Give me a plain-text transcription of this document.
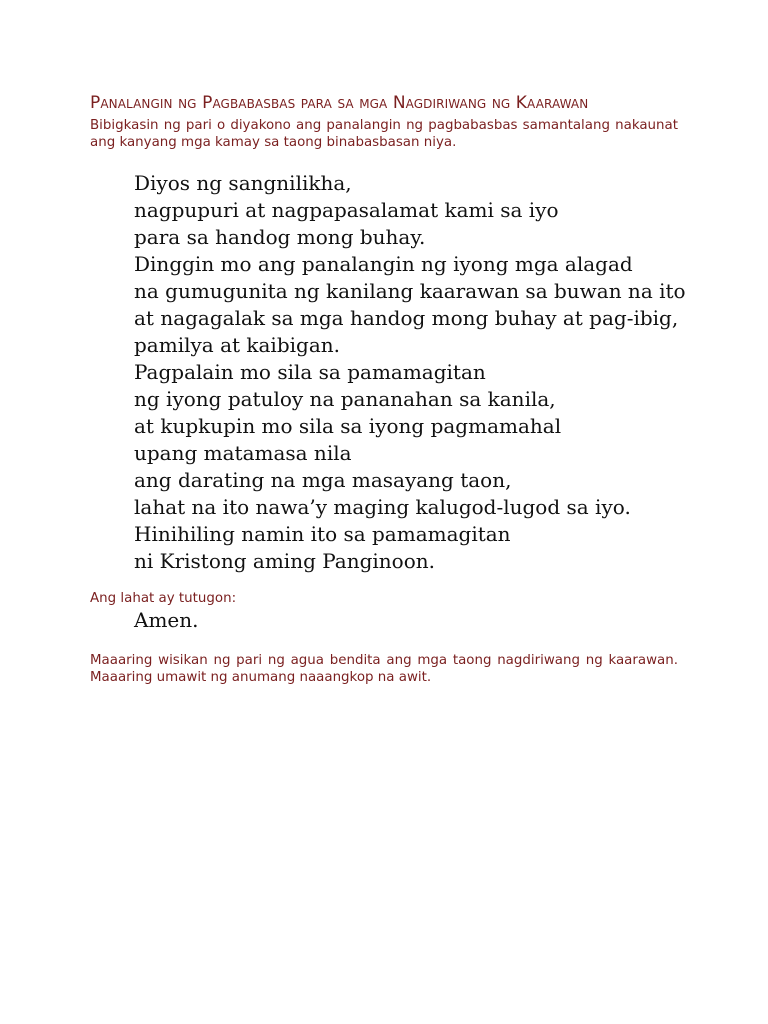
Panalangin ng Pagbabasbas para sa mga Nagdiriwang ng Kaarawan
Bibigkasin ng pari o diyakono ang panalangin ng pagbabasbas samantalang nakaunat ang kanyang mga kamay sa taong binabasbasan niya.
Diyos ng sangnilikha,
nagpupuri at nagpapasalamat kami sa iyo
para sa handog mong buhay.
Dinggin mo ang panalangin ng iyong mga alagad
na gumugunita ng kanilang kaarawan sa buwan na ito
at nagagalak sa mga handog mong buhay at pag-ibig,
pamilya at kaibigan.
Pagpalain mo sila sa pamamagitan
ng iyong patuloy na pananahan sa kanila,
at kupkupin mo sila sa iyong pagmamahal
upang matamasa nila
ang darating na mga masayang taon,
lahat na ito nawa’y maging kalugod-lugod sa iyo.
Hinihiling namin ito sa pamamagitan
ni Kristong aming Panginoon.
Ang lahat ay tutugon:
Amen.
Maaaring wisikan ng pari ng agua bendita ang mga taong nagdiriwang ng kaarawan. Maaaring umawit ng anumang naaangkop na awit.
